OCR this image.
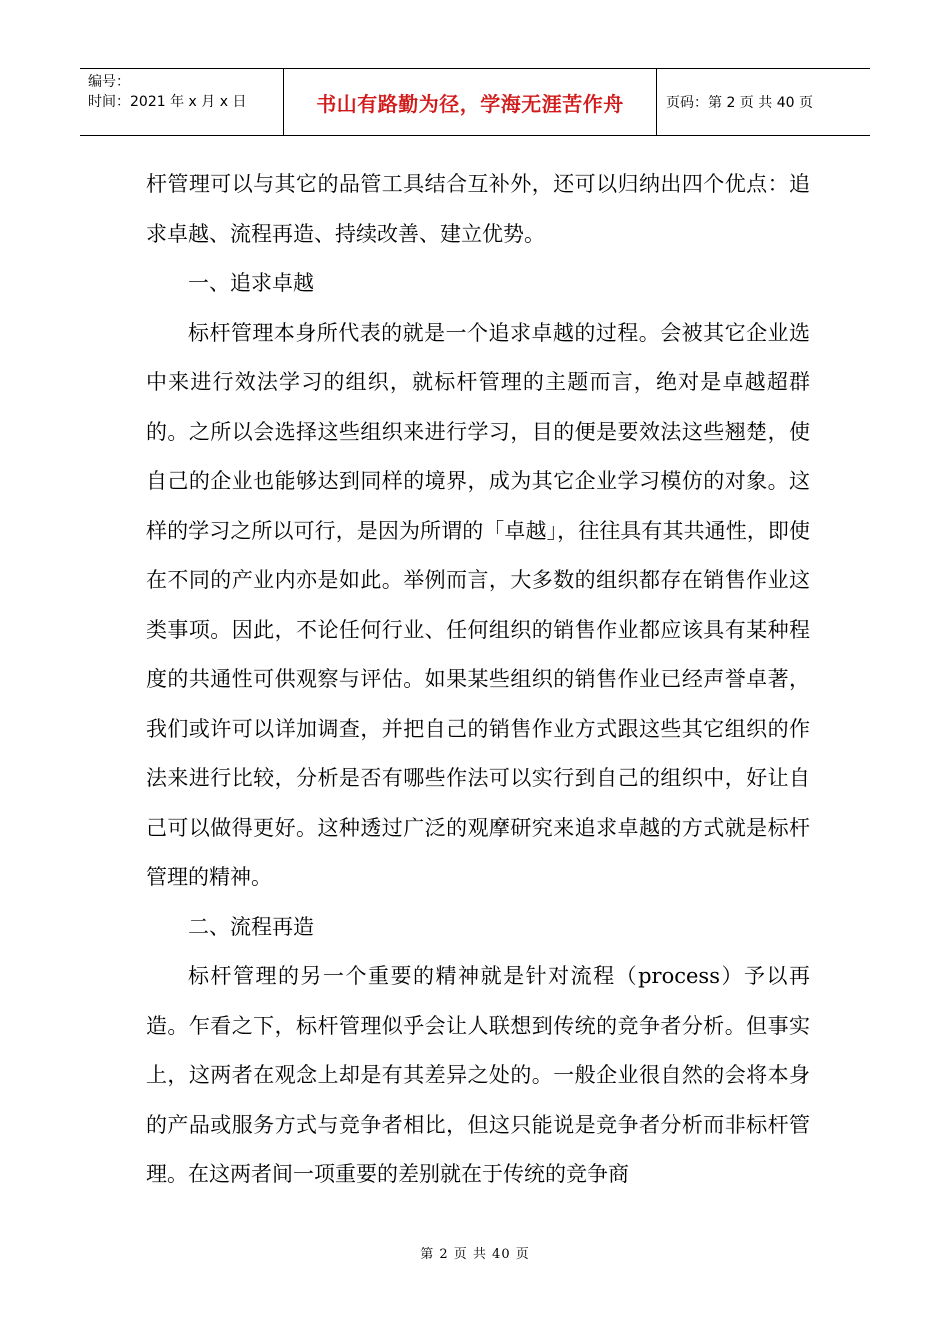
编号：
时间：2021 年 x 月 x 日	书山有路勤为径，学海无涯苦作舟	页码：第 2 页 共 40 页

杆管理可以与其它的品管工具结合互补外，还可以归纳出四个优点：追求卓越、流程再造、持续改善、建立优势。

一、追求卓越

标杆管理本身所代表的就是一个追求卓越的过程。会被其它企业选中来进行效法学习的组织，就标杆管理的主题而言，绝对是卓越超群的。之所以会选择这些组织来进行学习，目的便是要效法这些翘楚，使自己的企业也能够达到同样的境界，成为其它企业学习模仿的对象。这样的学习之所以可行，是因为所谓的「卓越」，往往具有其共通性，即使在不同的产业内亦是如此。举例而言，大多数的组织都存在销售作业这类事项。因此，不论任何行业、任何组织的销售作业都应该具有某种程度的共通性可供观察与评估。如果某些组织的销售作业已经声誉卓著，我们或许可以详加调查，并把自己的销售作业方式跟这些其它组织的作法来进行比较，分析是否有哪些作法可以实行到自己的组织中，好让自己可以做得更好。这种透过广泛的观摩研究来追求卓越的方式就是标杆管理的精神。

二、流程再造

标杆管理的另一个重要的精神就是针对流程（process）予以再造。乍看之下，标杆管理似乎会让人联想到传统的竞争者分析。但事实上，这两者在观念上却是有其差异之处的。一般企业很自然的会将本身的产品或服务方式与竞争者相比，但这只能说是竞争者分析而非标杆管理。在这两者间一项重要的差别就在于传统的竞争商

第 2 页 共 40 页
